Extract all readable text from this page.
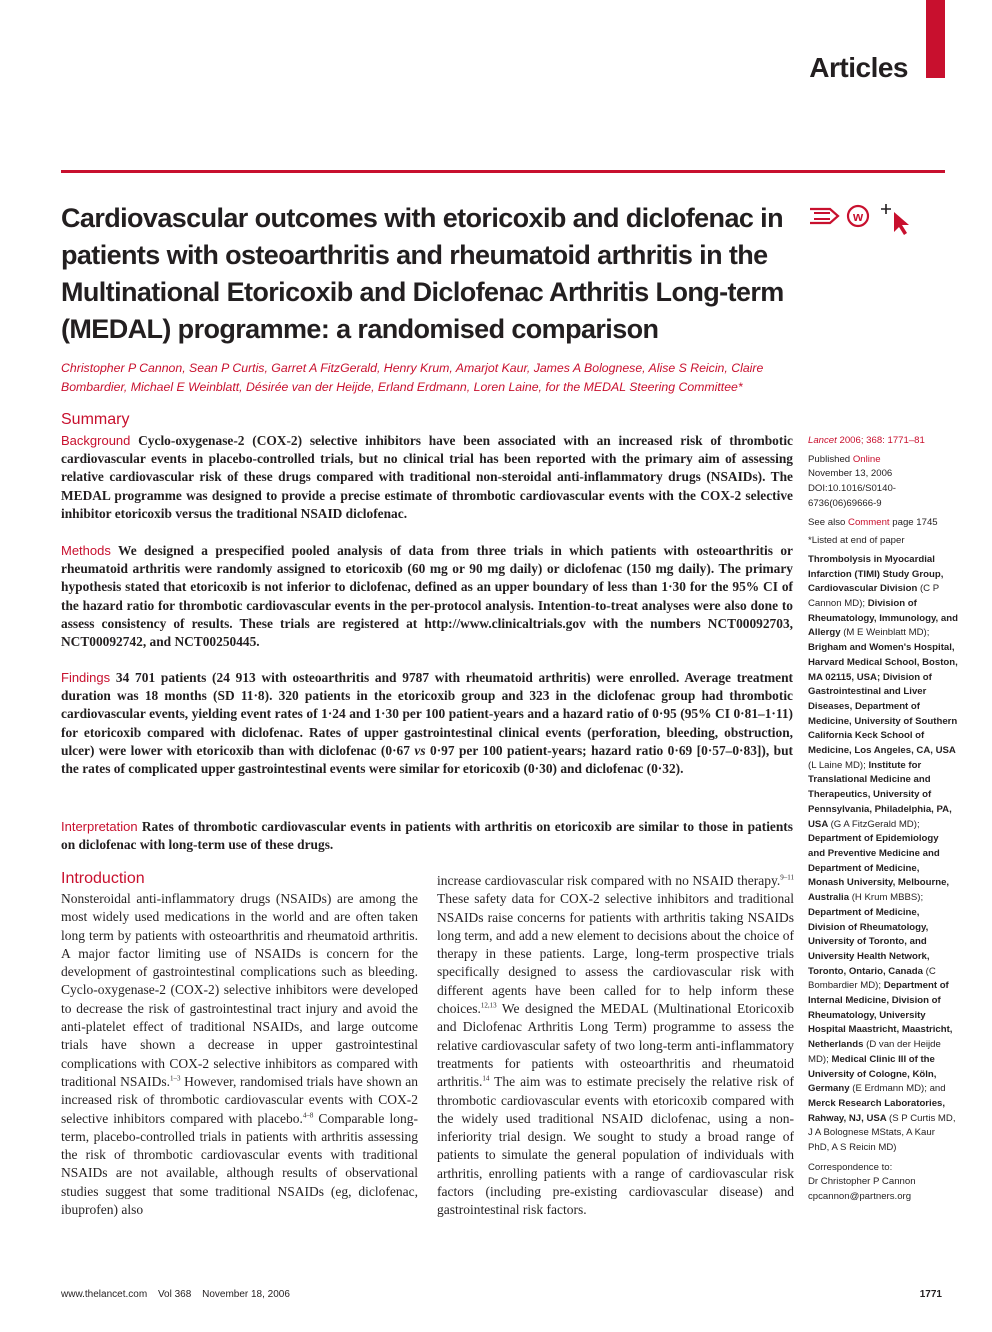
Articles
Cardiovascular outcomes with etoricoxib and diclofenac in patients with osteoarthritis and rheumatoid arthritis in the Multinational Etoricoxib and Diclofenac Arthritis Long-term (MEDAL) programme: a randomised comparison
w
Christopher P Cannon, Sean P Curtis, Garret A FitzGerald, Henry Krum, Amarjot Kaur, James A Bolognese, Alise S Reicin, Claire Bombardier, Michael E Weinblatt, Désirée van der Heijde, Erland Erdmann, Loren Laine, for the MEDAL Steering Committee*
Summary

Background Cyclo-oxygenase-2 (COX-2) selective inhibitors have been associated with an increased risk of thrombotic cardiovascular events in placebo-controlled trials, but no clinical trial has been reported with the primary aim of assessing relative cardiovascular risk of these drugs compared with traditional non-steroidal anti-inflammatory drugs (NSAIDs). The MEDAL programme was designed to provide a precise estimate of thrombotic cardiovascular events with the COX-2 selective inhibitor etoricoxib versus the traditional NSAID diclofenac.

Methods We designed a prespecified pooled analysis of data from three trials in which patients with osteoarthritis or rheumatoid arthritis were randomly assigned to etoricoxib (60 mg or 90 mg daily) or diclofenac (150 mg daily). The primary hypothesis stated that etoricoxib is not inferior to diclofenac, defined as an upper boundary of less than 1·30 for the 95% CI of the hazard ratio for thrombotic cardiovascular events in the per-protocol analysis. Intention-to-treat analyses were also done to assess consistency of results. These trials are registered at http://www.clinicaltrials.gov with the numbers NCT00092703, NCT00092742, and NCT00250445.

Findings 34 701 patients (24 913 with osteoarthritis and 9787 with rheumatoid arthritis) were enrolled. Average treatment duration was 18 months (SD 11·8). 320 patients in the etoricoxib group and 323 in the diclofenac group had thrombotic cardiovascular events, yielding event rates of 1·24 and 1·30 per 100 patient-years and a hazard ratio of 0·95 (95% CI 0·81–1·11) for etoricoxib compared with diclofenac. Rates of upper gastrointestinal clinical events (perforation, bleeding, obstruction, ulcer) were lower with etoricoxib than with diclofenac (0·67 vs 0·97 per 100 patient-years; hazard ratio 0·69 [0·57–0·83]), but the rates of complicated upper gastrointestinal events were similar for etoricoxib (0·30) and diclofenac (0·32).

Interpretation Rates of thrombotic cardiovascular events in patients with arthritis on etoricoxib are similar to those in patients on diclofenac with long-term use of these drugs.

Introduction

Nonsteroidal anti-inflammatory drugs (NSAIDs) are among the most widely used medications in the world and are often taken long term by patients with osteoarthritis and rheumatoid arthritis. A major factor limiting use of NSAIDs is concern for the development of gastrointestinal complications such as bleeding. Cyclo-oxygenase-2 (COX-2) selective inhibitors were developed to decrease the risk of gastrointestinal tract injury and avoid the anti-platelet effect of traditional NSAIDs, and large outcome trials have shown a decrease in upper gastrointestinal complications with COX-2 selective inhibitors as compared with traditional NSAIDs.$^{1-3}$ However, randomised trials have shown an increased risk of thrombotic cardiovascular events with COX-2 selective inhibitors compared with placebo.$^{4-8}$ Comparable long-term, placebo-controlled trials in patients with arthritis assessing the risk of thrombotic cardiovascular events with traditional NSAIDs are not available, although results of observational studies suggest that some traditional NSAIDs (eg, diclofenac, ibuprofen) also

increase cardiovascular risk compared with no NSAID therapy.$^{9-11}$ These safety data for COX-2 selective inhibitors and traditional NSAIDs raise concerns for patients with arthritis taking NSAIDs long term, and add a new element to decisions about the choice of therapy in these patients. Large, long-term prospective trials specifically designed to assess the cardiovascular risk with different agents have been called for to help inform these choices.$^{12,13}$ We designed the MEDAL (Multinational Etoricoxib and Diclofenac Arthritis Long Term) programme to assess the relative cardiovascular safety of two long-term anti-inflammatory treatments for patients with osteoarthritis and rheumatoid arthritis.$^{14}$ The aim was to estimate precisely the relative risk of thrombotic cardiovascular events with etoricoxib compared with the widely used traditional NSAID diclofenac, using a non-inferiority trial design. We sought to study a broad range of patients to simulate the general population of individuals with arthritis, enrolling patients with a range of cardiovascular risk factors (including pre-existing cardiovascular disease) and gastrointestinal risk factors.

Lancet 2006; 368: 1771–81

Published Online
November 13, 2006
DOI:10.1016/S0140-6736(06)69666-9

See also Comment page 1745

*Listed at end of paper

Thrombolysis in Myocardial Infarction (TIMI) Study Group, Cardiovascular Division (C P Cannon MD); Division of Rheumatology, Immunology, and Allergy (M E Weinblatt MD); Brigham and Women's Hospital, Harvard Medical School, Boston, MA 02115, USA; Division of Gastrointestinal and Liver Diseases, Department of Medicine, University of Southern California Keck School of Medicine, Los Angeles, CA, USA (L Laine MD); Institute for Translational Medicine and Therapeutics, University of Pennsylvania, Philadelphia, PA, USA (G A FitzGerald MD); Department of Epidemiology and Preventive Medicine and Department of Medicine, Monash University, Melbourne, Australia (H Krum MBBS); Department of Medicine, Division of Rheumatology, University of Toronto, and University Health Network, Toronto, Ontario, Canada (C Bombardier MD); Department of Internal Medicine, Division of Rheumatology, University Hospital Maastricht, Maastricht, Netherlands (D van der Heijde MD); Medical Clinic III of the University of Cologne, Köln, Germany (E Erdmann MD); and Merck Research Laboratories, Rahway, NJ, USA (S P Curtis MD, J A Bolognese MStats, A Kaur PhD, A S Reicin MD)

Correspondence to:
Dr Christopher P Cannon
cpcannon@partners.org

www.thelancet.com Vol 368 November 18, 2006	1771
